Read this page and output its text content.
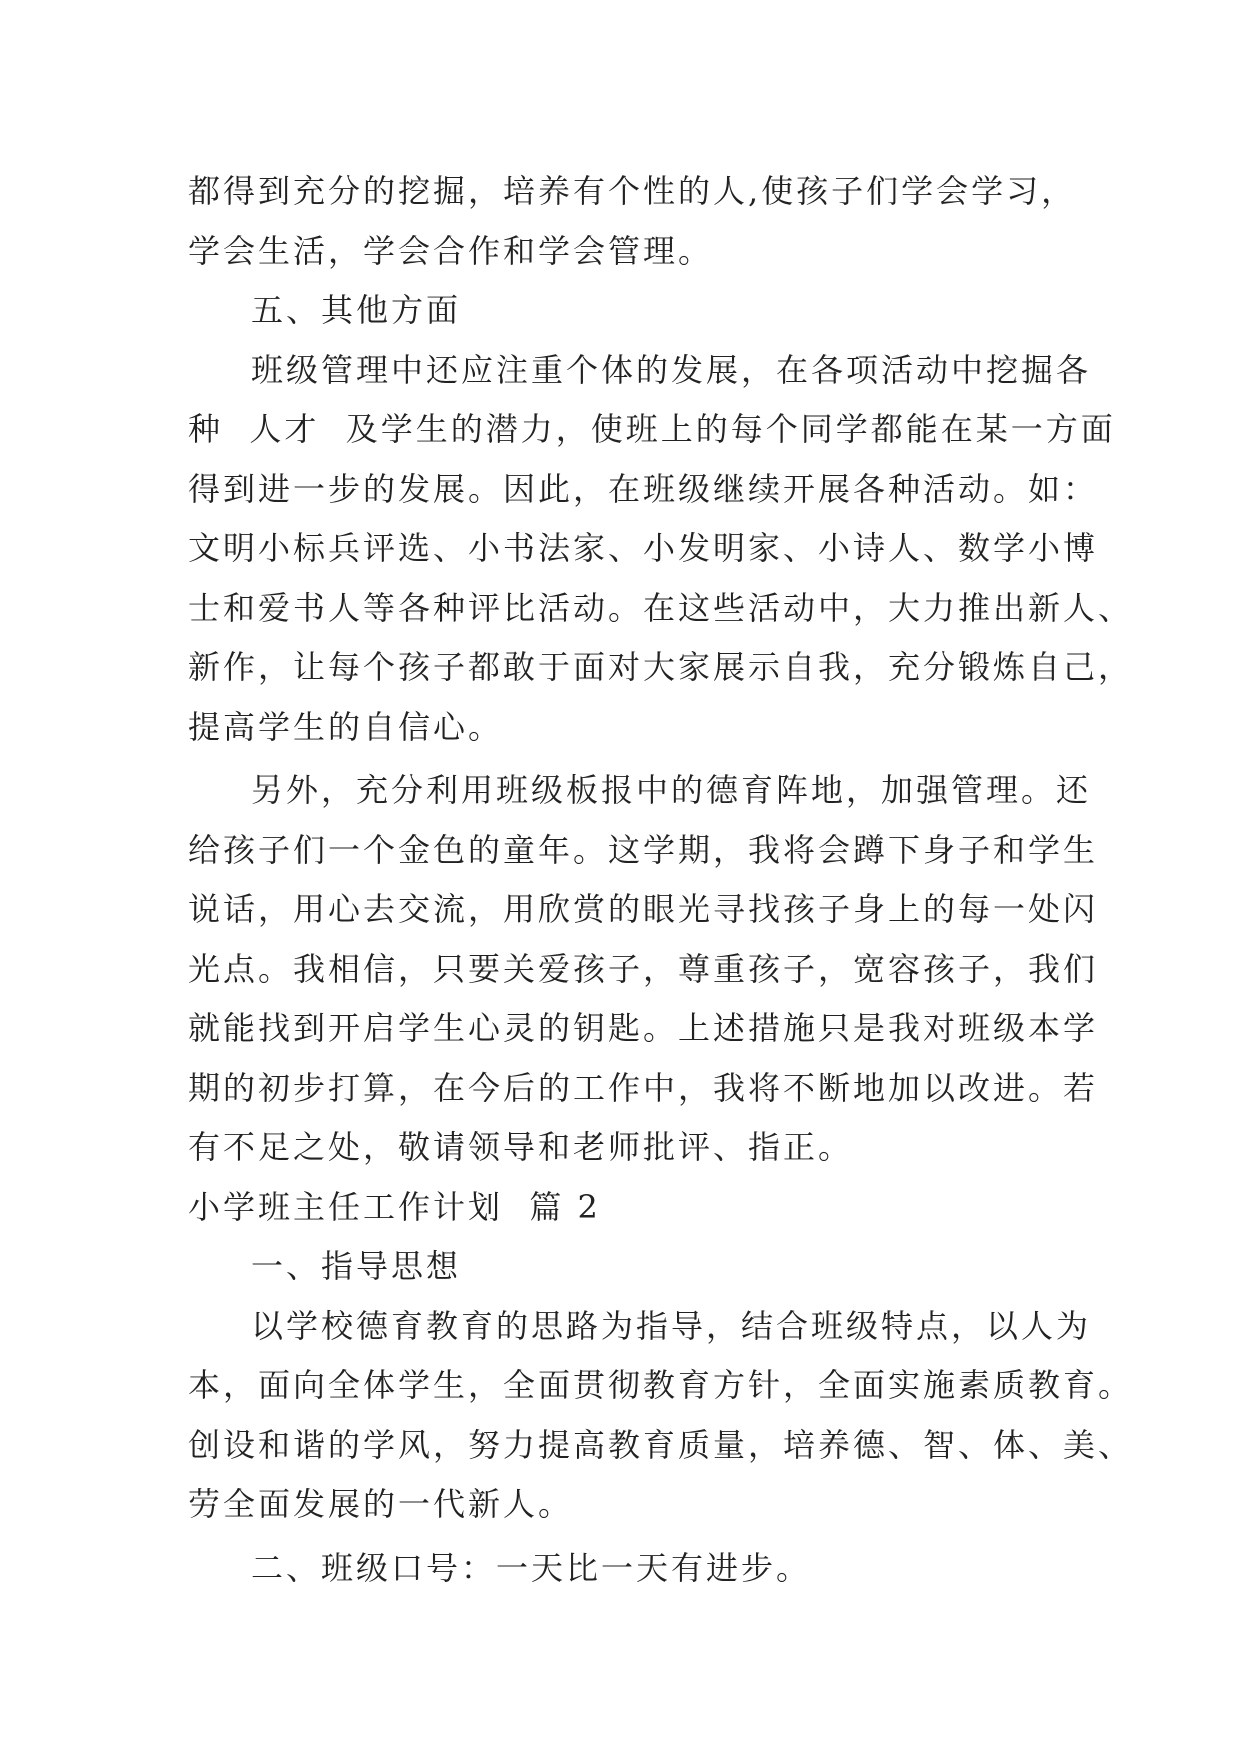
都得到充分的挖掘，培养有个性的人,使孩子们学会学习，
学会生活，学会合作和学会管理。
五、其他方面
班级管理中还应注重个体的发展，在各项活动中挖掘各
种  人才  及学生的潜力，使班上的每个同学都能在某一方面
得到进一步的发展。因此，在班级继续开展各种活动。如：
文明小标兵评选、小书法家、小发明家、小诗人、数学小博
士和爱书人等各种评比活动。在这些活动中，大力推出新人、
新作，让每个孩子都敢于面对大家展示自我，充分锻炼自己，
提高学生的自信心。
另外，充分利用班级板报中的德育阵地，加强管理。还
给孩子们一个金色的童年。这学期，我将会蹲下身子和学生
说话，用心去交流，用欣赏的眼光寻找孩子身上的每一处闪
光点。我相信，只要关爱孩子，尊重孩子，宽容孩子，我们
就能找到开启学生心灵的钥匙。上述措施只是我对班级本学
期的初步打算，在今后的工作中，我将不断地加以改进。若
有不足之处，敬请领导和老师批评、指正。
小学班主任工作计划  篇 2
一、指导思想
以学校德育教育的思路为指导，结合班级特点，以人为
本，面向全体学生，全面贯彻教育方针，全面实施素质教育。
创设和谐的学风，努力提高教育质量，培养德、智、体、美、
劳全面发展的一代新人。
二、班级口号：一天比一天有进步。
